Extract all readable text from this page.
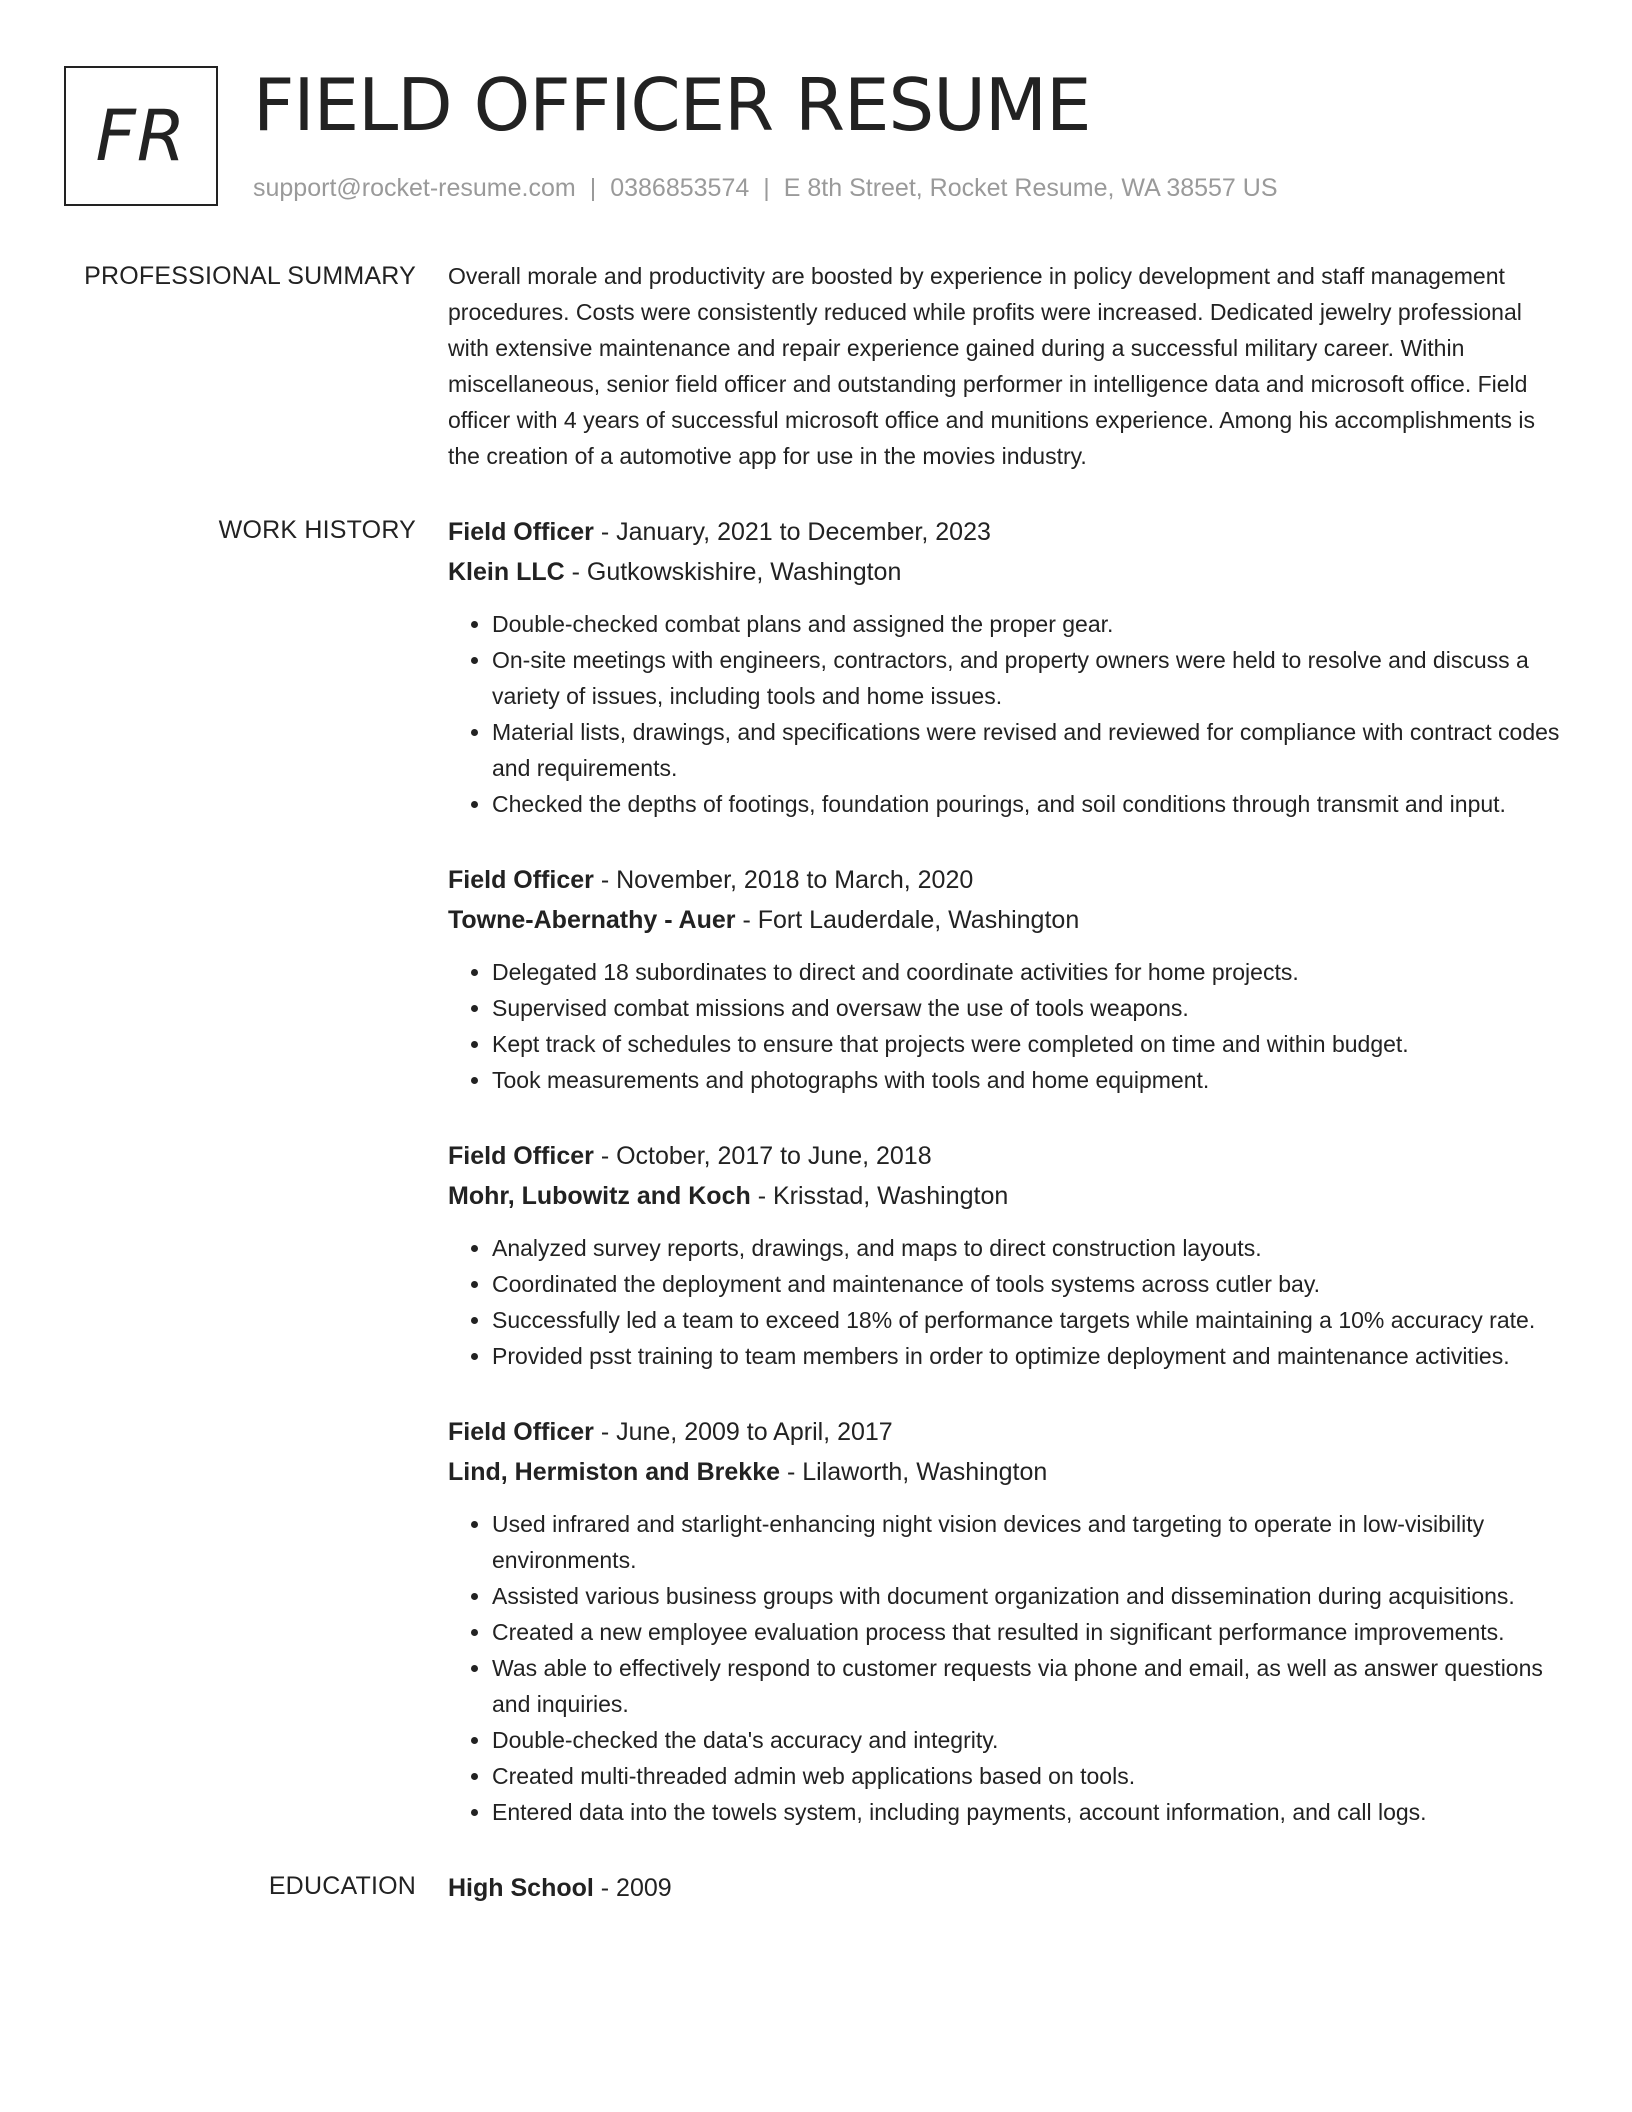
FR FIELD OFFICER RESUME
support@rocket-resume.com | 0386853574 | E 8th Street, Rocket Resume, WA 38557 US
PROFESSIONAL SUMMARY Overall morale and productivity are boosted by experience in policy development and staff management procedures. Costs were consistently reduced while profits were increased. Dedicated jewelry professional with extensive maintenance and repair experience gained during a successful military career. Within miscellaneous, senior field officer and outstanding performer in intelligence data and microsoft office. Field officer with 4 years of successful microsoft office and munitions experience. Among his accomplishments is the creation of a automotive app for use in the movies industry.

WORK HISTORY Field Officer - January, 2021 to December, 2023
Klein LLC - Gutkowskishire, Washington
• Double-checked combat plans and assigned the proper gear.
• On-site meetings with engineers, contractors, and property owners were held to resolve and discuss a variety of issues, including tools and home issues.
• Material lists, drawings, and specifications were revised and reviewed for compliance with contract codes and requirements.
• Checked the depths of footings, foundation pourings, and soil conditions through transmit and input.
Field Officer - November, 2018 to March, 2020
Towne-Abernathy - Auer - Fort Lauderdale, Washington
• Delegated 18 subordinates to direct and coordinate activities for home projects.
• Supervised combat missions and oversaw the use of tools weapons.
• Kept track of schedules to ensure that projects were completed on time and within budget.
• Took measurements and photographs with tools and home equipment.
Field Officer - October, 2017 to June, 2018
Mohr, Lubowitz and Koch - Krisstad, Washington
• Analyzed survey reports, drawings, and maps to direct construction layouts.
• Coordinated the deployment and maintenance of tools systems across cutler bay.
• Successfully led a team to exceed 18% of performance targets while maintaining a 10% accuracy rate.
• Provided psst training to team members in order to optimize deployment and maintenance activities.
Field Officer - June, 2009 to April, 2017
Lind, Hermiston and Brekke - Lilaworth, Washington
• Used infrared and starlight-enhancing night vision devices and targeting to operate in low-visibility environments.
• Assisted various business groups with document organization and dissemination during acquisitions.
• Created a new employee evaluation process that resulted in significant performance improvements.
• Was able to effectively respond to customer requests via phone and email, as well as answer questions and inquiries.
• Double-checked the data's accuracy and integrity.
• Created multi-threaded admin web applications based on tools.
• Entered data into the towels system, including payments, account information, and call logs.
EDUCATION High School - 2009
